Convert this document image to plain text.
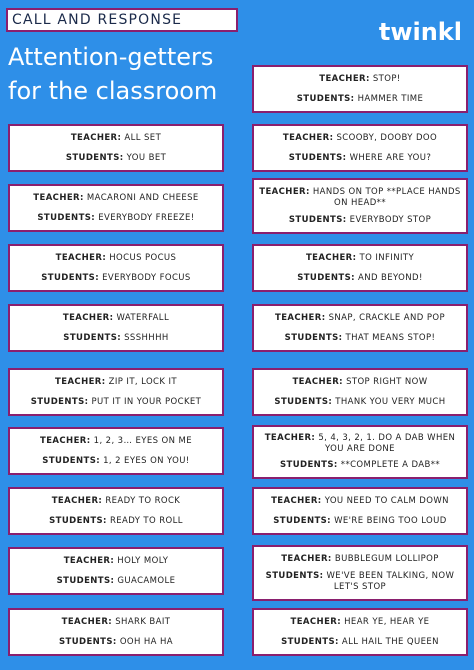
CALL AND RESPONSE
Attention-getters
for the classroom
twinkl
TEACHER: ALL SET
STUDENTS: YOU BET
TEACHER: MACARONI AND CHEESE
STUDENTS: EVERYBODY FREEZE!
TEACHER: HOCUS POCUS
STUDENTS: EVERYBODY FOCUS
TEACHER: WATERFALL
STUDENTS: SSSHHHH
TEACHER: ZIP IT, LOCK IT
STUDENTS: PUT IT IN YOUR POCKET
TEACHER: 1, 2, 3… EYES ON ME
STUDENTS: 1, 2 EYES ON YOU!
TEACHER: READY TO ROCK
STUDENTS: READY TO ROLL
TEACHER: HOLY MOLY
STUDENTS: GUACAMOLE
TEACHER: SHARK BAIT
STUDENTS: OOH HA HA
TEACHER: STOP!
STUDENTS: HAMMER TIME
TEACHER: SCOOBY, DOOBY DOO
STUDENTS: WHERE ARE YOU?
TEACHER: HANDS ON TOP **PLACE HANDS ON HEAD**
STUDENTS: EVERYBODY STOP
TEACHER: TO INFINITY
STUDENTS: AND BEYOND!
TEACHER: SNAP, CRACKLE AND POP
STUDENTS: THAT MEANS STOP!
TEACHER: STOP RIGHT NOW
STUDENTS: THANK YOU VERY MUCH
TEACHER: 5, 4, 3, 2, 1. DO A DAB WHEN YOU ARE DONE
STUDENTS: **COMPLETE A DAB**
TEACHER: YOU NEED TO CALM DOWN
STUDENTS: WE'RE BEING TOO LOUD
TEACHER: BUBBLEGUM LOLLIPOP
STUDENTS: WE'VE BEEN TALKING, NOW LET'S STOP
TEACHER: HEAR YE, HEAR YE
STUDENTS: ALL HAIL THE QUEEN
